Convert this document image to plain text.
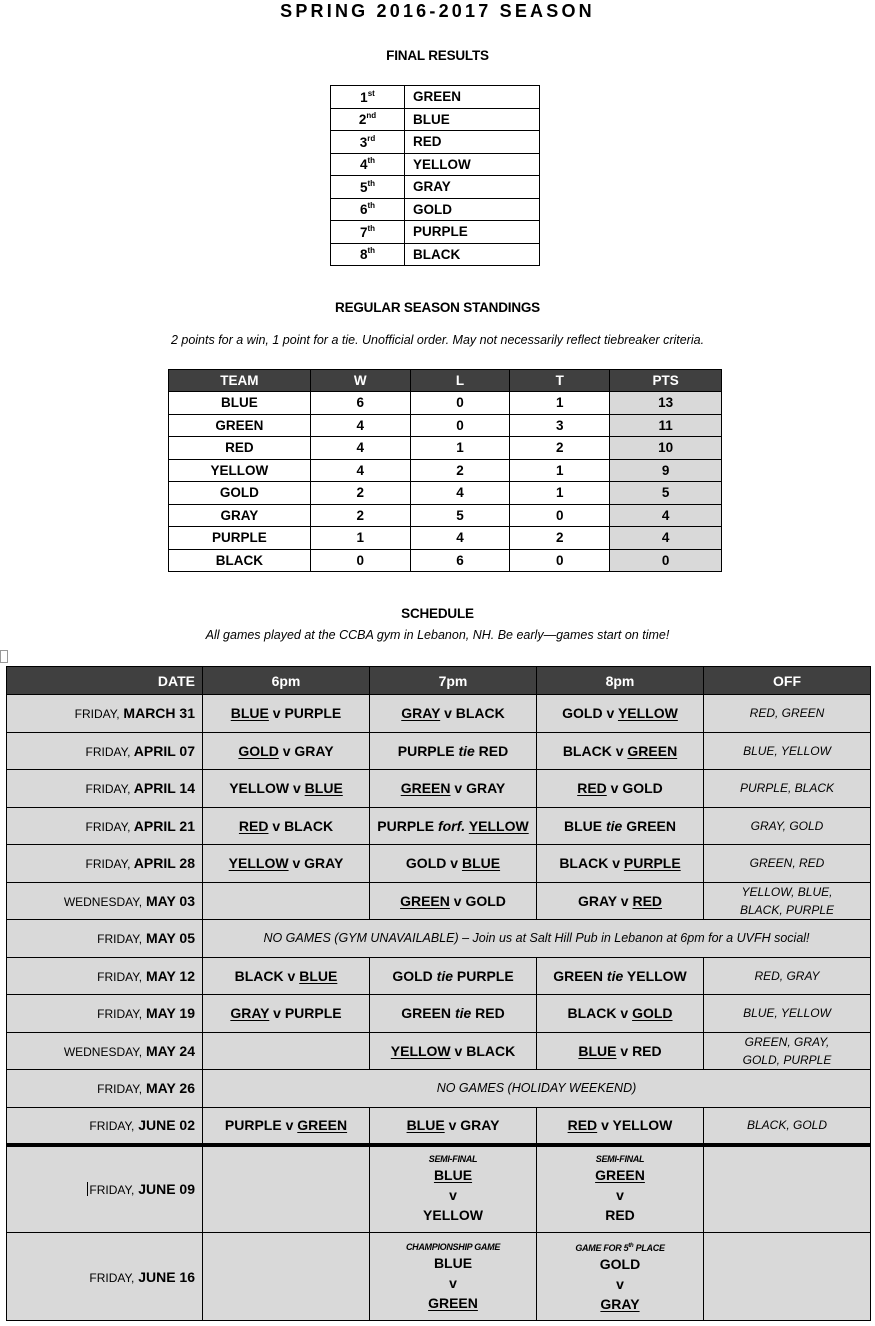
SPRING 2016-2017 SEASON
FINAL RESULTS
1st	GREEN
2nd	BLUE
3rd	RED
4th	YELLOW
5th	GRAY
6th	GOLD
7th	PURPLE
8th	BLACK
REGULAR SEASON STANDINGS
2 points for a win, 1 point for a tie. Unofficial order. May not necessarily reflect tiebreaker criteria.
TEAM	W	L	T	PTS
BLUE	6	0	1	13
GREEN	4	0	3	11
RED	4	1	2	10
YELLOW	4	2	1	9
GOLD	2	4	1	5
GRAY	2	5	0	4
PURPLE	1	4	2	4
BLACK	0	6	0	0
SCHEDULE
All games played at the CCBA gym in Lebanon, NH. Be early—games start on time!
DATE	6pm	7pm	8pm	OFF
FRIDAY, MARCH 31	BLUE v PURPLE	GRAY v BLACK	GOLD v YELLOW	RED, GREEN
FRIDAY, APRIL 07	GOLD v GRAY	PURPLE tie RED	BLACK v GREEN	BLUE, YELLOW
FRIDAY, APRIL 14	YELLOW v BLUE	GREEN v GRAY	RED v GOLD	PURPLE, BLACK
FRIDAY, APRIL 21	RED v BLACK	PURPLE forf. YELLOW	BLUE tie GREEN	GRAY, GOLD
FRIDAY, APRIL 28	YELLOW v GRAY	GOLD v BLUE	BLACK v PURPLE	GREEN, RED
WEDNESDAY, MAY 03		GREEN v GOLD	GRAY v RED	YELLOW, BLUE,
BLACK, PURPLE

FRIDAY, MAY 05	NO GAMES (GYM UNAVAILABLE) – Join us at Salt Hill Pub in Lebanon at 6pm for a UVFH social!			
FRIDAY, MAY 12	BLACK v BLUE	GOLD tie PURPLE	GREEN tie YELLOW	RED, GRAY
FRIDAY, MAY 19	GRAY v PURPLE	GREEN tie RED	BLACK v GOLD	BLUE, YELLOW
WEDNESDAY, MAY 24		YELLOW v BLACK	BLUE v RED	GREEN, GRAY,
GOLD, PURPLE

FRIDAY, MAY 26	NO GAMES (HOLIDAY WEEKEND)			
FRIDAY, JUNE 02	PURPLE v GREEN	BLUE v GRAY	RED v YELLOW	BLACK, GOLD
FRIDAY, JUNE 09		SEMI-FINAL
BLUE
v
YELLOW	SEMI-FINAL
GREEN
v
RED	

FRIDAY, JUNE 16		CHAMPIONSHIP GAME
BLUE
v
GREEN	GAME FOR 5th PLACE
GOLD
v
GRAY	
